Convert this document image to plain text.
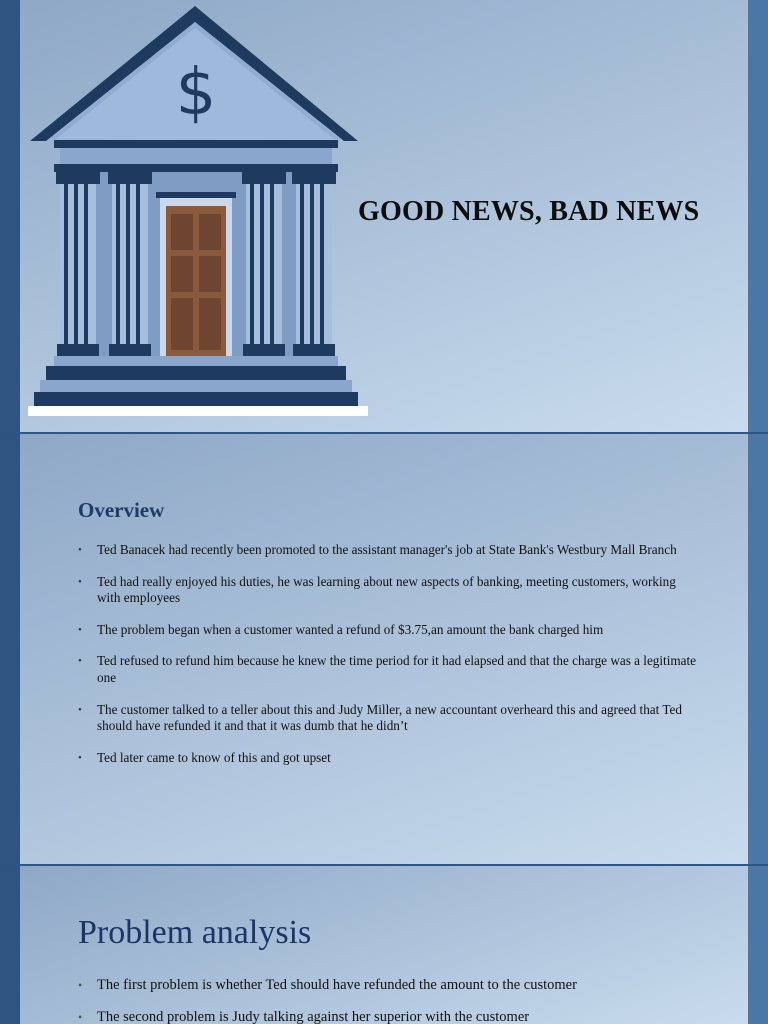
$
GOOD NEWS, BAD NEWS
Overview
• Ted Banacek had recently been promoted to the assistant manager's job at State Bank's Westbury Mall Branch
• Ted had really enjoyed his duties, he was learning about new aspects of banking, meeting customers, working with employees
• The problem began when a customer wanted a refund of $3.75,an amount the bank charged him
• Ted refused to refund him because he knew the time period for it had elapsed and that the charge was a legitimate one
• The customer talked to a teller about this and Judy Miller, a new accountant overheard this and agreed that Ted should have refunded it and that it was dumb that he didn’t
• Ted later came to know of this and got upset
Problem analysis
• The first problem is whether Ted should have refunded the amount to the customer
• The second problem is Judy talking against her superior with the customer
